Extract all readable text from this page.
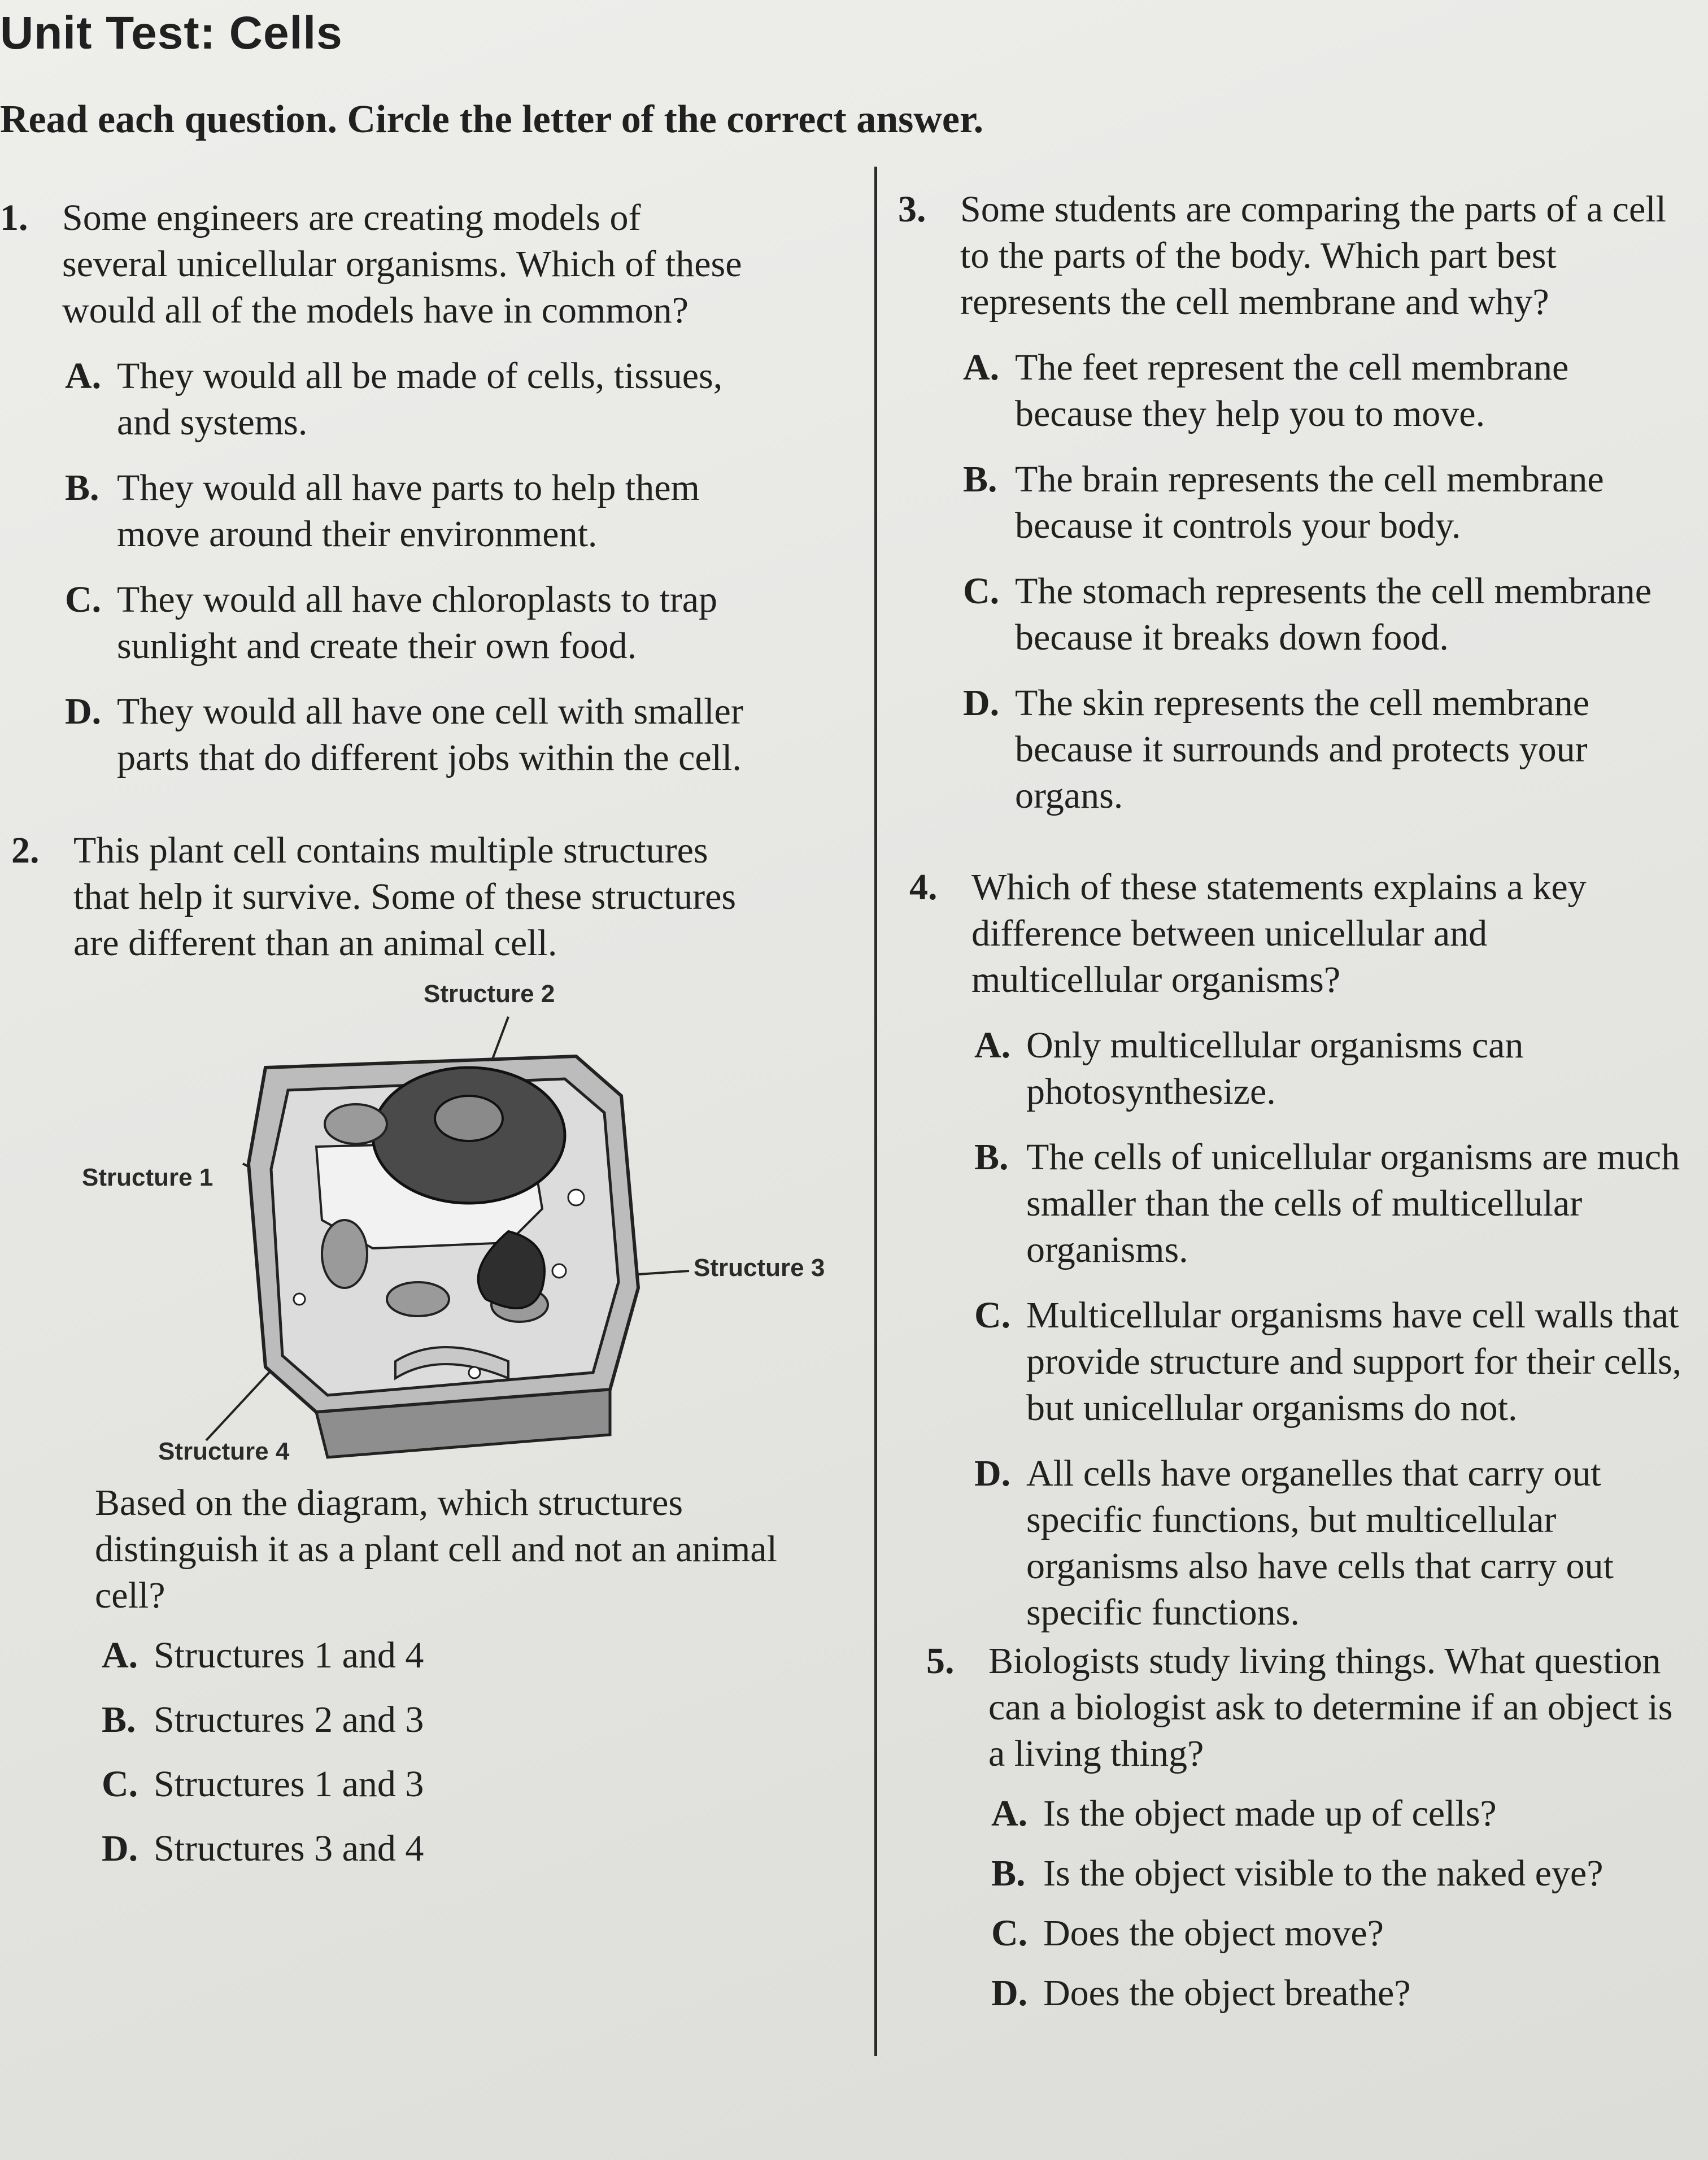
Unit Test: Cells
Read each question. Circle the letter of the correct answer.
1. Some engineers are creating models of several unicellular organisms. Which of these would all of the models have in common?
A. They would all be made of cells, tissues, and systems.
B. They would all have parts to help them move around their environment.
C. They would all have chloroplasts to trap sunlight and create their own food.
D. They would all have one cell with smaller parts that do different jobs within the cell.
2. This plant cell contains multiple structures that help it survive. Some of these structures are different than an animal cell.
Structure 2
Structure 1
Structure 3
Structure 4
Based on the diagram, which structures distinguish it as a plant cell and not an animal cell?
A. Structures 1 and 4
B. Structures 2 and 3
C. Structures 1 and 3
D. Structures 3 and 4
3. Some students are comparing the parts of a cell to the parts of the body. Which part best represents the cell membrane and why?
A. The feet represent the cell membrane because they help you to move.
B. The brain represents the cell membrane because it controls your body.
C. The stomach represents the cell membrane because it breaks down food.
D. The skin represents the cell membrane because it surrounds and protects your organs.
4. Which of these statements explains a key difference between unicellular and multicellular organisms?
A. Only multicellular organisms can photosynthesize.
B. The cells of unicellular organisms are much smaller than the cells of multicellular organisms.
C. Multicellular organisms have cell walls that provide structure and support for their cells, but unicellular organisms do not.
D. All cells have organelles that carry out specific functions, but multicellular organisms also have cells that carry out specific functions.
5. Biologists study living things. What question can a biologist ask to determine if an object is a living thing?
A. Is the object made up of cells?
B. Is the object visible to the naked eye?
C. Does the object move?
D. Does the object breathe?
